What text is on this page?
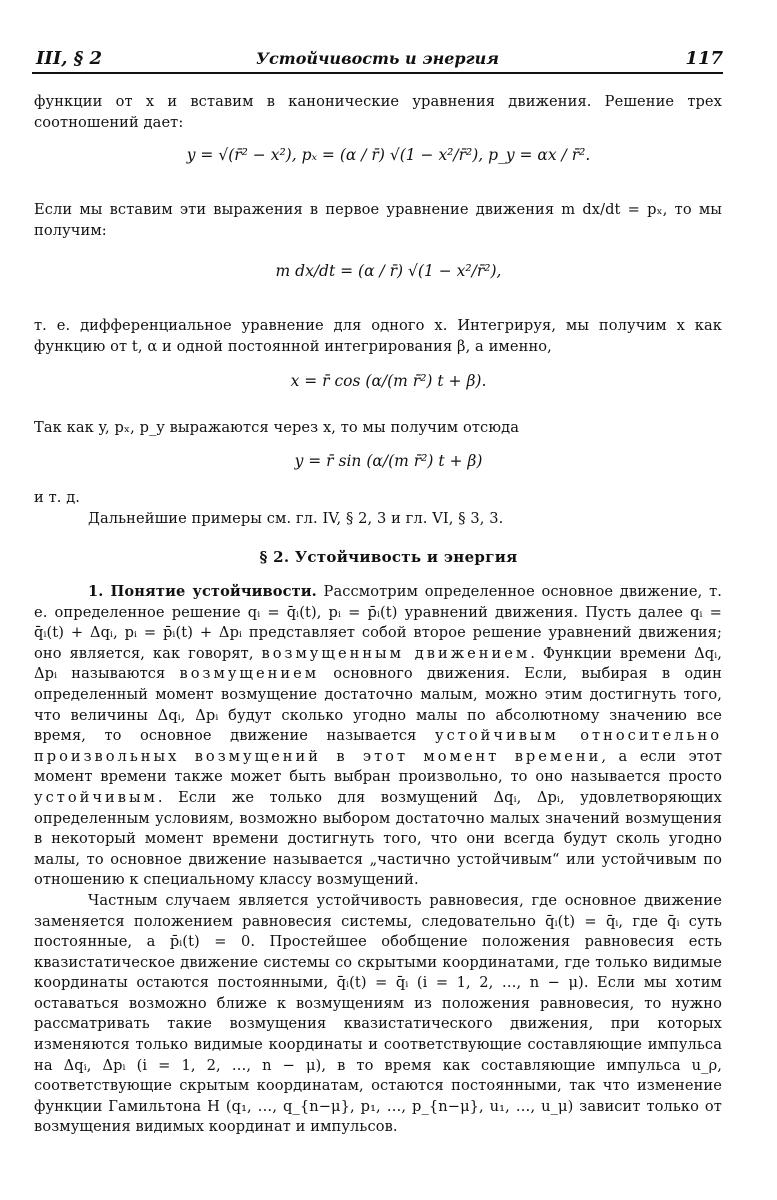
III, § 2	Устойчивость и энергия	117

функции от x и вставим в канонические уравнения движения. Решение трех соотношений дает:

y = √(r̄² − x²), pₓ = (α / r̄) √(1 − x²/r̄²), p_y = αx / r̄².

Если мы вставим эти выражения в первое уравнение движения m dx/dt = pₓ, то мы получим:

m dx/dt = (α / r̄) √(1 − x²/r̄²),

т. е. дифференциальное уравнение для одного x. Интегрируя, мы получим x как функцию от t, α и одной постоянной интегрирования β, а именно,

x = r̄ cos (α/(m r̄²) t + β).

Так как y, pₓ, p_y выражаются через x, то мы получим отсюда

y = r̄ sin (α/(m r̄²) t + β)

и т. д.

Дальнейшие примеры см. гл. IV, § 2, 3 и гл. VI, § 3, 3.

§ 2. Устойчивость и энергия

1. Понятие устойчивости. Рассмотрим определенное основное движение, т. е. определенное решение qᵢ = q̄ᵢ(t), pᵢ = p̄ᵢ(t) уравнений движения. Пусть далее qᵢ = q̄ᵢ(t) + Δqᵢ, pᵢ = p̄ᵢ(t) + Δpᵢ представляет собой второе решение уравнений движения; оно является, как говорят, возмущенным движением. Функции времени Δqᵢ, Δpᵢ называются возмущением основного движения. Если, выбирая в один определенный момент возмущение достаточно малым, можно этим достигнуть того, что величины Δqᵢ, Δpᵢ будут сколько угодно малы по абсолютному значению все время, то основное движение называется устойчивым относительно произвольных возмущений в этот момент времени, а если этот момент времени также может быть выбран произвольно, то оно называется просто устойчивым. Если же только для возмущений Δqᵢ, Δpᵢ, удовлетворяющих определенным условиям, возможно выбором достаточно малых значений возмущения в некоторый момент времени достигнуть того, что они всегда будут сколь угодно малы, то основное движение называется „частично устойчивым“ или устойчивым по отношению к специальному классу возмущений.

Частным случаем является устойчивость равновесия, где основное движение заменяется положением равновесия системы, следовательно q̄ᵢ(t) = q̄ᵢ, где q̄ᵢ суть постоянные, а p̄ᵢ(t) = 0. Простейшее обобщение положения равновесия есть квазистатическое движение системы со скрытыми координатами, где только видимые координаты остаются постоянными, q̄ᵢ(t) = q̄ᵢ (i = 1, 2, …, n − μ). Если мы хотим оставаться возможно ближе к возмущениям из положения равновесия, то нужно рассматривать такие возмущения квазистатического движения, при которых изменяются только видимые координаты и соответствующие составляющие импульса на Δqᵢ, Δpᵢ (i = 1, 2, …, n − μ), в то время как составляющие импульса u_ρ, соответствующие скрытым координатам, остаются постоянными, так что изменение функции Гамильтона H (q₁, …, q_{n−μ}, p₁, …, p_{n−μ}, u₁, …, u_μ) зависит только от возмущения видимых координат и импульсов.
